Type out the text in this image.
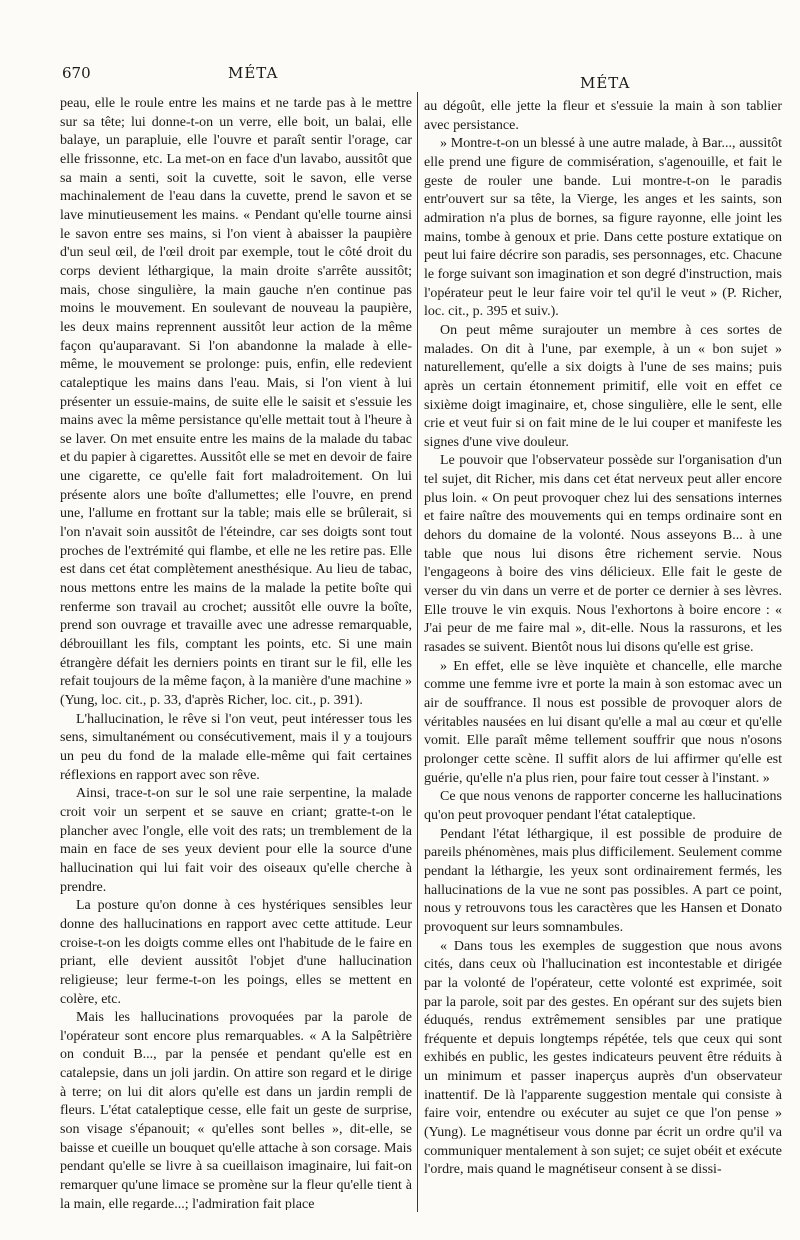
670	MÉTA
MÉTA

peau, elle le roule entre les mains et ne tarde pas à le mettre sur sa tête; lui donne-t-on un verre, elle boit, un balai, elle balaye, un parapluie, elle l'ouvre et paraît sentir l'orage, car elle frissonne, etc. La met-on en face d'un lavabo, aussitôt que sa main a senti, soit la cuvette, soit le savon, elle verse machinalement de l'eau dans la cuvette, prend le savon et se lave minutieusement les mains. « Pendant qu'elle tourne ainsi le savon entre ses mains, si l'on vient à abaisser la paupière d'un seul œil, de l'œil droit par exemple, tout le côté droit du corps devient léthargique, la main droite s'arrête aussitôt; mais, chose singulière, la main gauche n'en continue pas moins le mouvement. En soulevant de nouveau la paupière, les deux mains reprennent aussitôt leur action de la même façon qu'auparavant. Si l'on abandonne la malade à elle-même, le mouvement se prolonge: puis, enfin, elle redevient cataleptique les mains dans l'eau. Mais, si l'on vient à lui présenter un essuie-mains, de suite elle le saisit et s'essuie les mains avec la même persistance qu'elle mettait tout à l'heure à se laver. On met ensuite entre les mains de la malade du tabac et du papier à cigarettes. Aussitôt elle se met en devoir de faire une cigarette, ce qu'elle fait fort maladroitement. On lui présente alors une boîte d'allumettes; elle l'ouvre, en prend une, l'allume en frottant sur la table; mais elle se brûlerait, si l'on n'avait soin aussitôt de l'éteindre, car ses doigts sont tout proches de l'extrémité qui flambe, et elle ne les retire pas. Elle est dans cet état complètement anesthésique. Au lieu de tabac, nous mettons entre les mains de la malade la petite boîte qui renferme son travail au crochet; aussitôt elle ouvre la boîte, prend son ouvrage et travaille avec une adresse remarquable, débrouillant les fils, comptant les points, etc. Si une main étrangère défait les derniers points en tirant sur le fil, elle les refait toujours de la même façon, à la manière d'une machine » (Yung, loc. cit., p. 33, d'après Richer, loc. cit., p. 391).

L'hallucination, le rêve si l'on veut, peut intéresser tous les sens, simultanément ou consécutivement, mais il y a toujours un peu du fond de la malade elle-même qui fait certaines réflexions en rapport avec son rêve.

Ainsi, trace-t-on sur le sol une raie serpentine, la malade croit voir un serpent et se sauve en criant; gratte-t-on le plancher avec l'ongle, elle voit des rats; un tremblement de la main en face de ses yeux devient pour elle la source d'une hallucination qui lui fait voir des oiseaux qu'elle cherche à prendre.

La posture qu'on donne à ces hystériques sensibles leur donne des hallucinations en rapport avec cette attitude. Leur croise-t-on les doigts comme elles ont l'habitude de le faire en priant, elle devient aussitôt l'objet d'une hallucination religieuse; leur ferme-t-on les poings, elles se mettent en colère, etc.

Mais les hallucinations provoquées par la parole de l'opérateur sont encore plus remarquables. « A la Salpêtrière on conduit B..., par la pensée et pendant qu'elle est en catalepsie, dans un joli jardin. On attire son regard et le dirige à terre; on lui dit alors qu'elle est dans un jardin rempli de fleurs. L'état cataleptique cesse, elle fait un geste de surprise, son visage s'épanouit; « qu'elles sont belles », dit-elle, se baisse et cueille un bouquet qu'elle attache à son corsage. Mais pendant qu'elle se livre à sa cueillaison imaginaire, lui fait-on remarquer qu'une limace se promène sur la fleur qu'elle tient à la main, elle regarde...; l'admiration fait place

au dégoût, elle jette la fleur et s'essuie la main à son tablier avec persistance.

» Montre-t-on un blessé à une autre malade, à Bar..., aussitôt elle prend une figure de commisération, s'agenouille, et fait le geste de rouler une bande. Lui montre-t-on le paradis entr'ouvert sur sa tête, la Vierge, les anges et les saints, son admiration n'a plus de bornes, sa figure rayonne, elle joint les mains, tombe à genoux et prie. Dans cette posture extatique on peut lui faire décrire son paradis, ses personnages, etc. Chacune le forge suivant son imagination et son degré d'instruction, mais l'opérateur peut le leur faire voir tel qu'il le veut » (P. Richer, loc. cit., p. 395 et suiv.).

On peut même surajouter un membre à ces sortes de malades. On dit à l'une, par exemple, à un « bon sujet » naturellement, qu'elle a six doigts à l'une de ses mains; puis après un certain étonnement primitif, elle voit en effet ce sixième doigt imaginaire, et, chose singulière, elle le sent, elle crie et veut fuir si on fait mine de le lui couper et manifeste les signes d'une vive douleur.

Le pouvoir que l'observateur possède sur l'organisation d'un tel sujet, dit Richer, mis dans cet état nerveux peut aller encore plus loin. « On peut provoquer chez lui des sensations internes et faire naître des mouvements qui en temps ordinaire sont en dehors du domaine de la volonté. Nous asseyons B... à une table que nous lui disons être richement servie. Nous l'engageons à boire des vins délicieux. Elle fait le geste de verser du vin dans un verre et de porter ce dernier à ses lèvres. Elle trouve le vin exquis. Nous l'exhortons à boire encore : « J'ai peur de me faire mal », dit-elle. Nous la rassurons, et les rasades se suivent. Bientôt nous lui disons qu'elle est grise.

» En effet, elle se lève inquiète et chancelle, elle marche comme une femme ivre et porte la main à son estomac avec un air de souffrance. Il nous est possible de provoquer alors de véritables nausées en lui disant qu'elle a mal au cœur et qu'elle vomit. Elle paraît même tellement souffrir que nous n'osons prolonger cette scène. Il suffit alors de lui affirmer qu'elle est guérie, qu'elle n'a plus rien, pour faire tout cesser à l'instant. »

Ce que nous venons de rapporter concerne les hallucinations qu'on peut provoquer pendant l'état cataleptique.

Pendant l'état léthargique, il est possible de produire de pareils phénomènes, mais plus difficilement. Seulement comme pendant la léthargie, les yeux sont ordinairement fermés, les hallucinations de la vue ne sont pas possibles. A part ce point, nous y retrouvons tous les caractères que les Hansen et Donato provoquent sur leurs somnambules.

« Dans tous les exemples de suggestion que nous avons cités, dans ceux où l'hallucination est incontestable et dirigée par la volonté de l'opérateur, cette volonté est exprimée, soit par la parole, soit par des gestes. En opérant sur des sujets bien éduqués, rendus extrêmement sensibles par une pratique fréquente et depuis longtemps répétée, tels que ceux qui sont exhibés en public, les gestes indicateurs peuvent être réduits à un minimum et passer inaperçus auprès d'un observateur inattentif. De là l'apparente suggestion mentale qui consiste à faire voir, entendre ou exécuter au sujet ce que l'on pense » (Yung). Le magnétiseur vous donne par écrit un ordre qu'il va communiquer mentalement à son sujet; ce sujet obéit et exécute l'ordre, mais quand le magnétiseur consent à se dissi-
